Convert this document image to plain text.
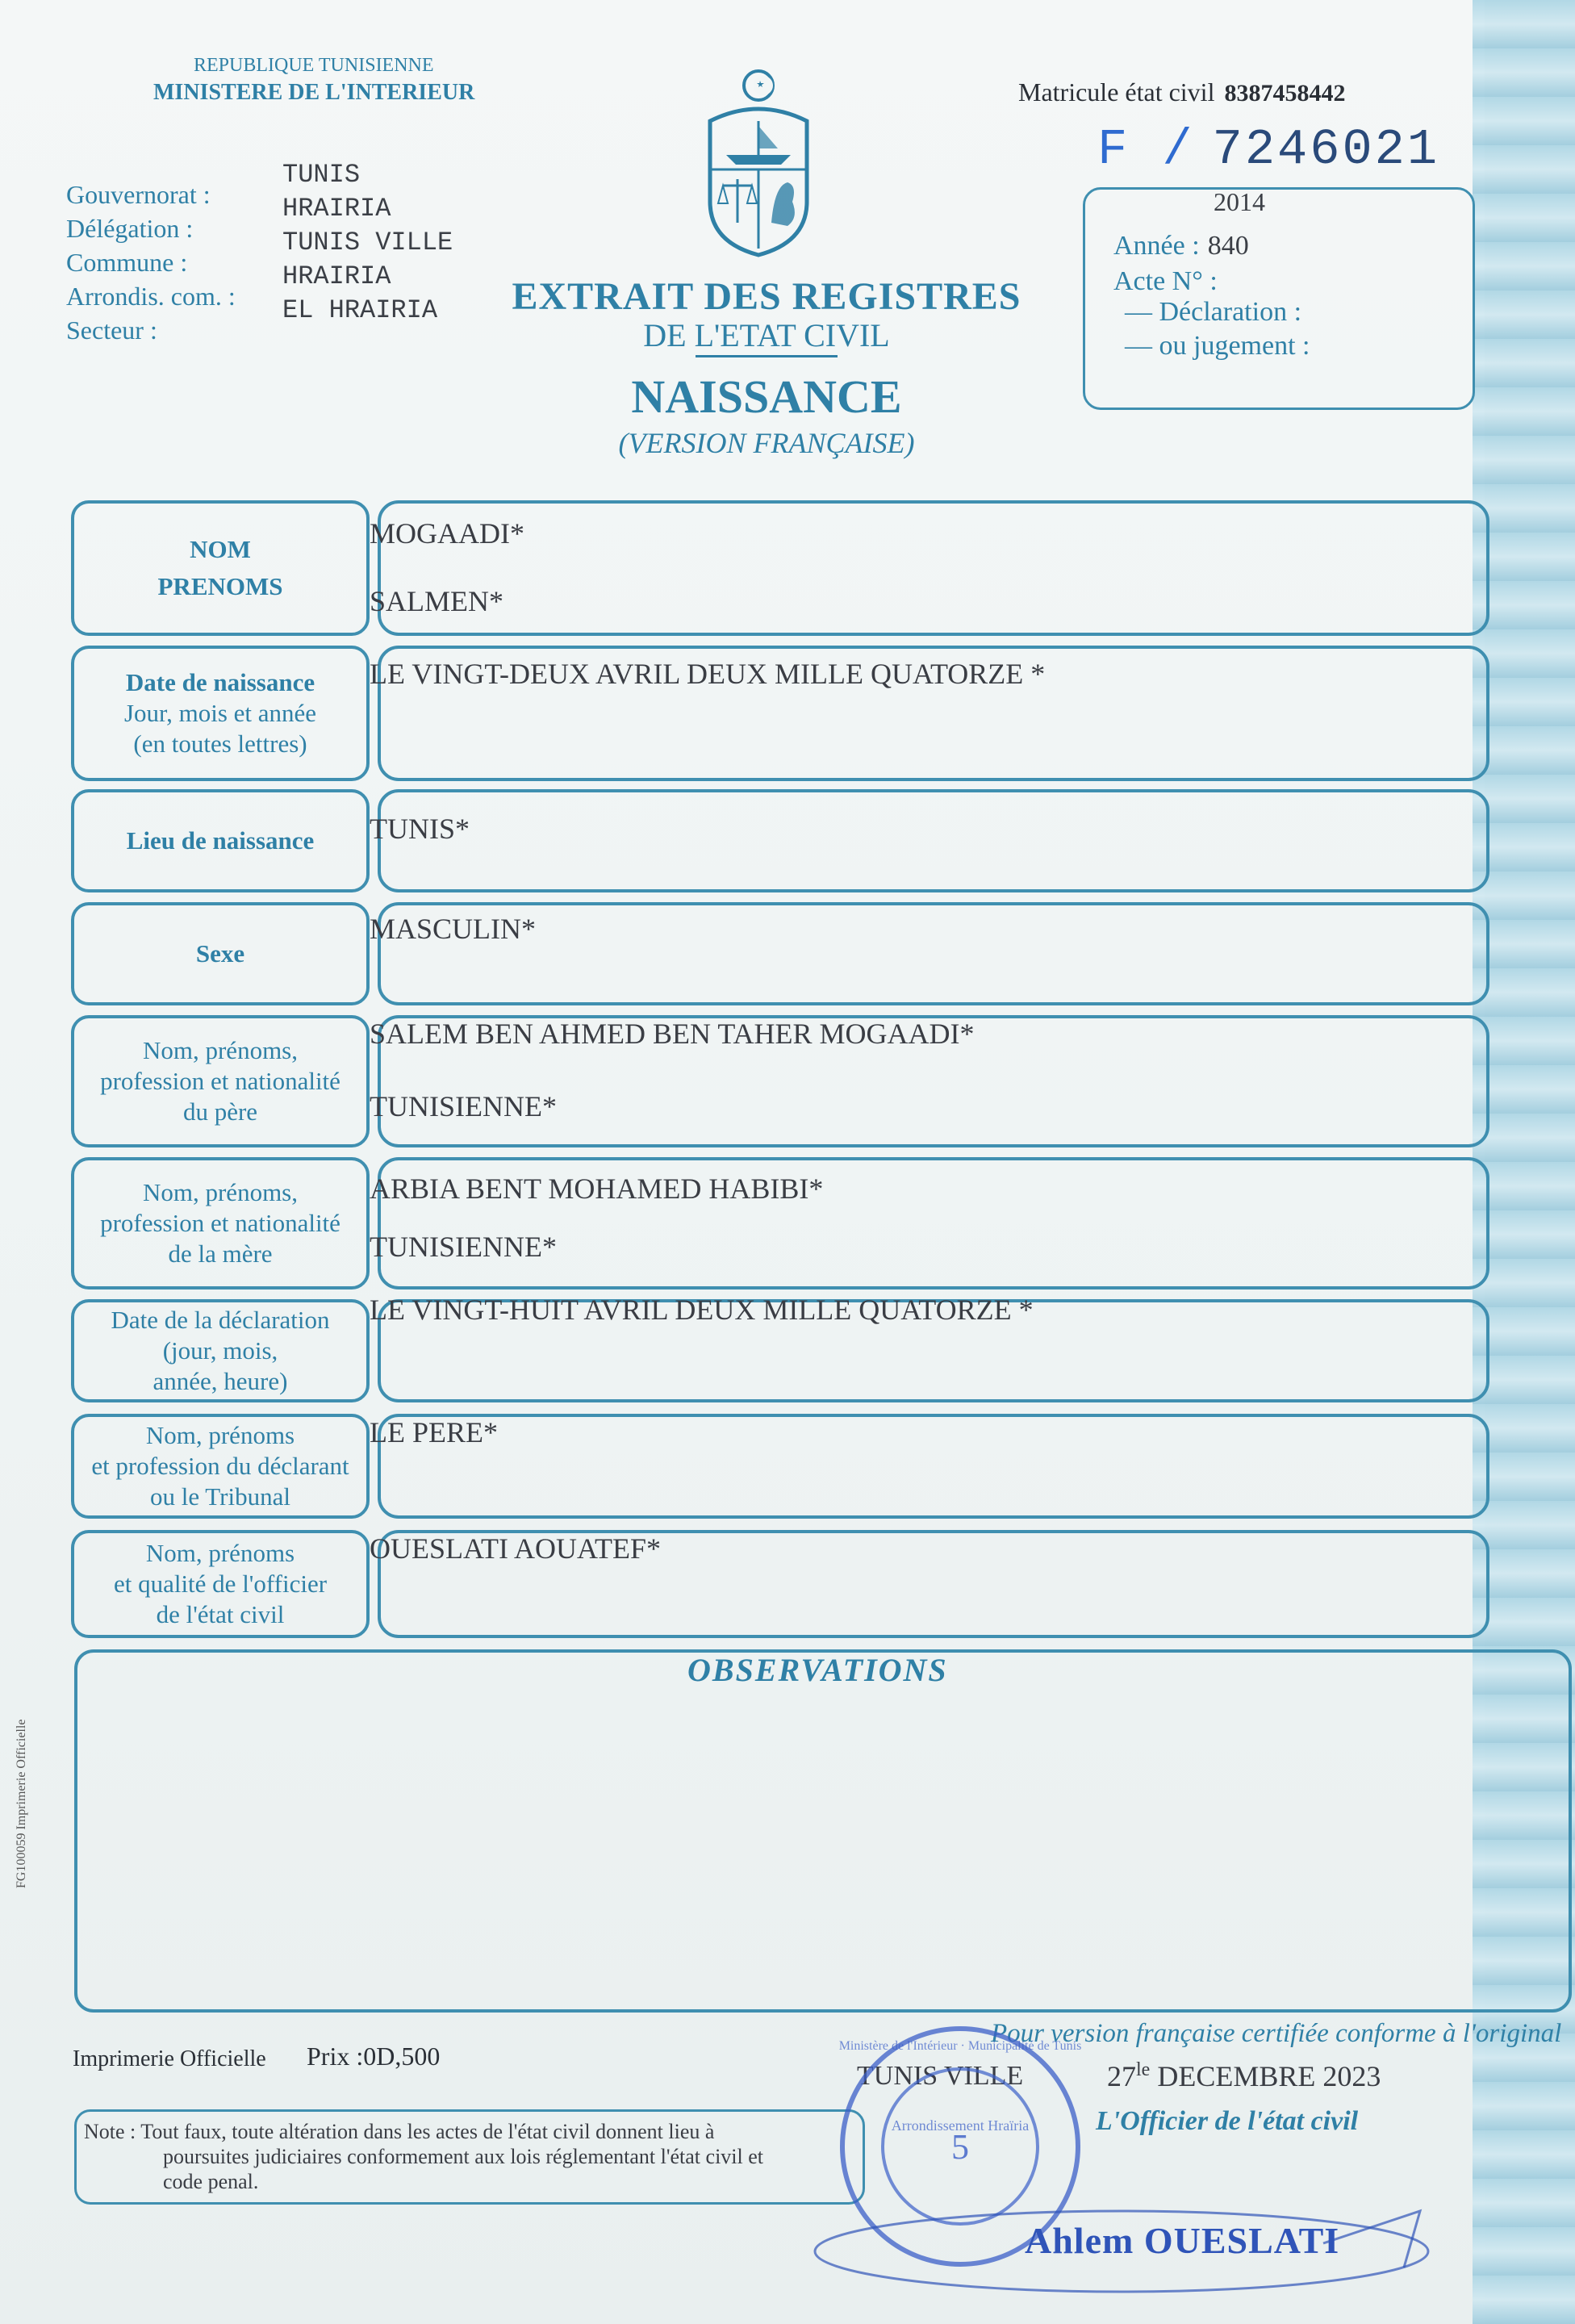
REPUBLIQUE TUNISIENNE
MINISTERE DE L'INTERIEUR
Gouvernorat :
Délégation :
Commune :
Arrondis. com. :
Secteur :
TUNIS
HRAIRIA
TUNIS VILLE
HRAIRIA
EL HRAIRIA	EXTRAIT DES REGISTRES
DE L'ETAT CIVIL
NAISSANCE
(VERSION FRANÇAISE)
Matricule état civil 8387458442
F / 7246021
2014
Année : 840
Acte N° :
— Déclaration :
— ou jugement :
NOM
PRENOMS
MOGAADI*
SALMEN*
Date de naissance
Jour, mois et année
(en toutes lettres)
LE VINGT-DEUX AVRIL DEUX MILLE QUATORZE *
Lieu de naissance TUNIS*
Sexe
MASCULIN*
Nom, prénoms,
profession et nationalité
du père
SALEM BEN AHMED BEN TAHER MOGAADI*
TUNISIENNE*
Nom, prénoms,
profession et nationalité
de la mère
ARBIA BENT MOHAMED HABIBI*
TUNISIENNE*
Date de la déclaration
(jour, mois,
année, heure)
LE VINGT-HUIT AVRIL DEUX MILLE QUATORZE *
Nom, prénoms
et profession du déclarant
ou le Tribunal
LE PERE*
Nom, prénoms
et qualité de l'officier
de l'état civil
OUESLATI AOUATEF*
OBSERVATIONS
FG100059 Imprimerie Officielle
Imprimerie Officielle Prix :0D,500
Pour version française certifiée conforme à l'original
TUNIS VILLE	$27^{le}$ DECEMBRE 2023
L'Officier de l'état civil
Note : Tout faux, toute altération dans les actes de l'état civil donnent lieu à
poursuites judiciaires conformement aux lois réglementant l'état civil et
code penal.
5
Arrondissement Hraïria
Ministère de l'Intérieur · Municipalité de Tunis
Ahlem OUESLATI
